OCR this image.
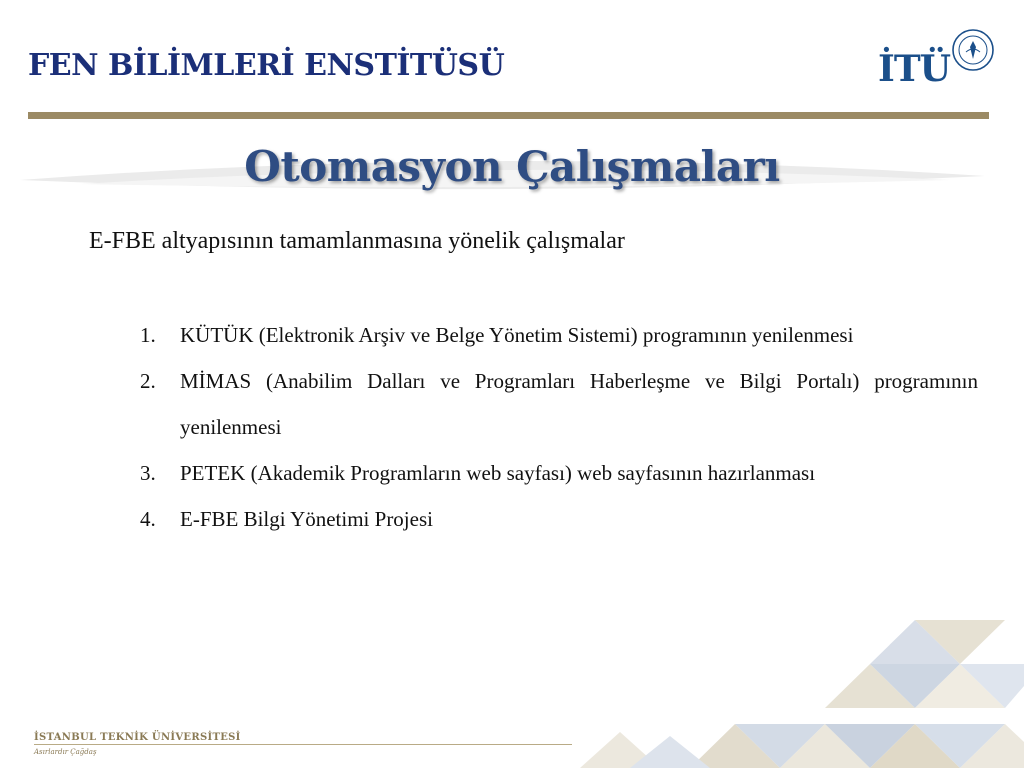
FEN BİLİMLERİ ENSTİTÜSÜ	İTÜ
Otomasyon Çalışmaları
E-FBE altyapısının tamamlanmasına yönelik çalışmalar
1. KÜTÜK (Elektronik Arşiv ve Belge Yönetim Sistemi) programının yenilenmesi
2. MİMAS (Anabilim Dalları ve Programları Haberleşme ve Bilgi Portalı) programının yenilenmesi
3. PETEK (Akademik Programların web sayfası) web sayfasının hazırlanması
4. E-FBE Bilgi Yönetimi Projesi
İSTANBUL TEKNİK ÜNİVERSİTESİ
Asırlardır Çağdaş
